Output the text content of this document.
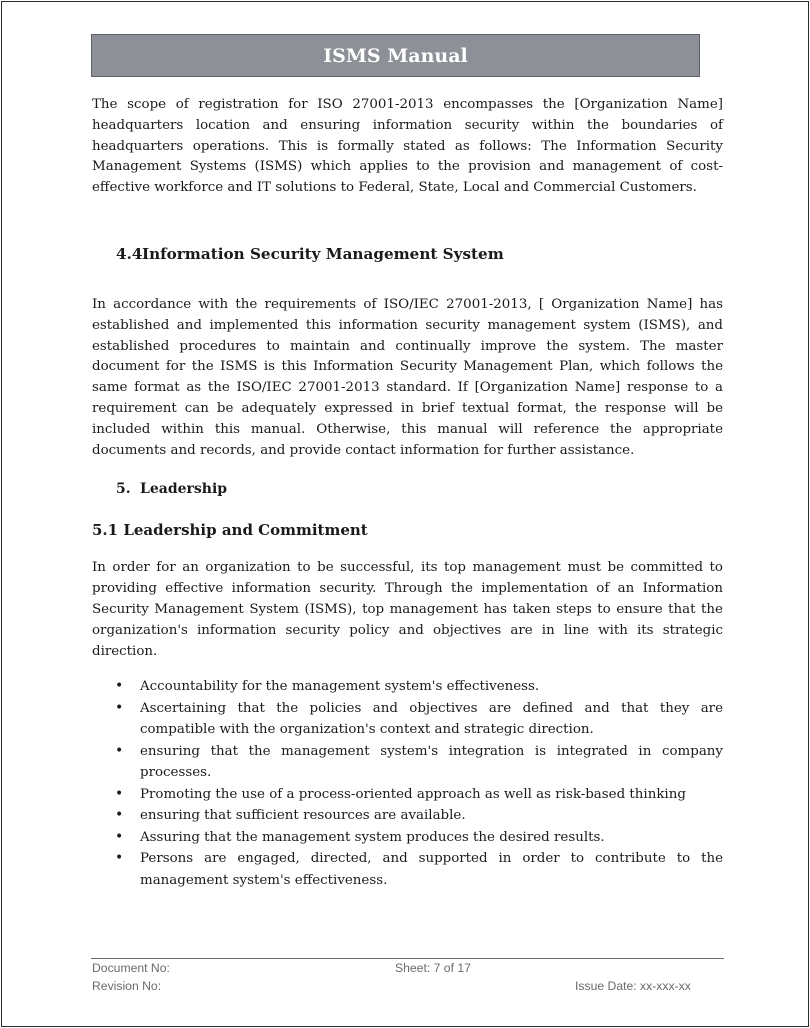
ISMS Manual

The scope of registration for ISO 27001-2013 encompasses the [Organization Name] headquarters location and ensuring information security within the boundaries of headquarters operations. This is formally stated as follows: The Information Security Management Systems (ISMS) which applies to the provision and management of cost-effective workforce and IT solutions to Federal, State, Local and Commercial Customers.

4.4Information Security Management System

In accordance with the requirements of ISO/IEC 27001-2013, [ Organization Name] has established and implemented this information security management system (ISMS), and established procedures to maintain and continually improve the system. The master document for the ISMS is this Information Security Management Plan, which follows the same format as the ISO/IEC 27001-2013 standard. If [Organization Name] response to a requirement can be adequately expressed in brief textual format, the response will be included within this manual. Otherwise, this manual will reference the appropriate documents and records, and provide contact information for further assistance.

5. Leadership
5.1 Leadership and Commitment

In order for an organization to be successful, its top management must be committed to providing effective information security. Through the implementation of an Information Security Management System (ISMS), top management has taken steps to ensure that the organization's information security policy and objectives are in line with its strategic direction.

• Accountability for the management system's effectiveness.
• Ascertaining that the policies and objectives are defined and that they are compatible with the organization's context and strategic direction.
• ensuring that the management system's integration is integrated in company processes.
• Promoting the use of a process-oriented approach as well as risk-based thinking
• ensuring that sufficient resources are available.
• Assuring that the management system produces the desired results.
• Persons are engaged, directed, and supported in order to contribute to the management system's effectiveness.
Document No:
Revision No:
Sheet: 7 of 17
Issue Date: xx-xxx-xx
